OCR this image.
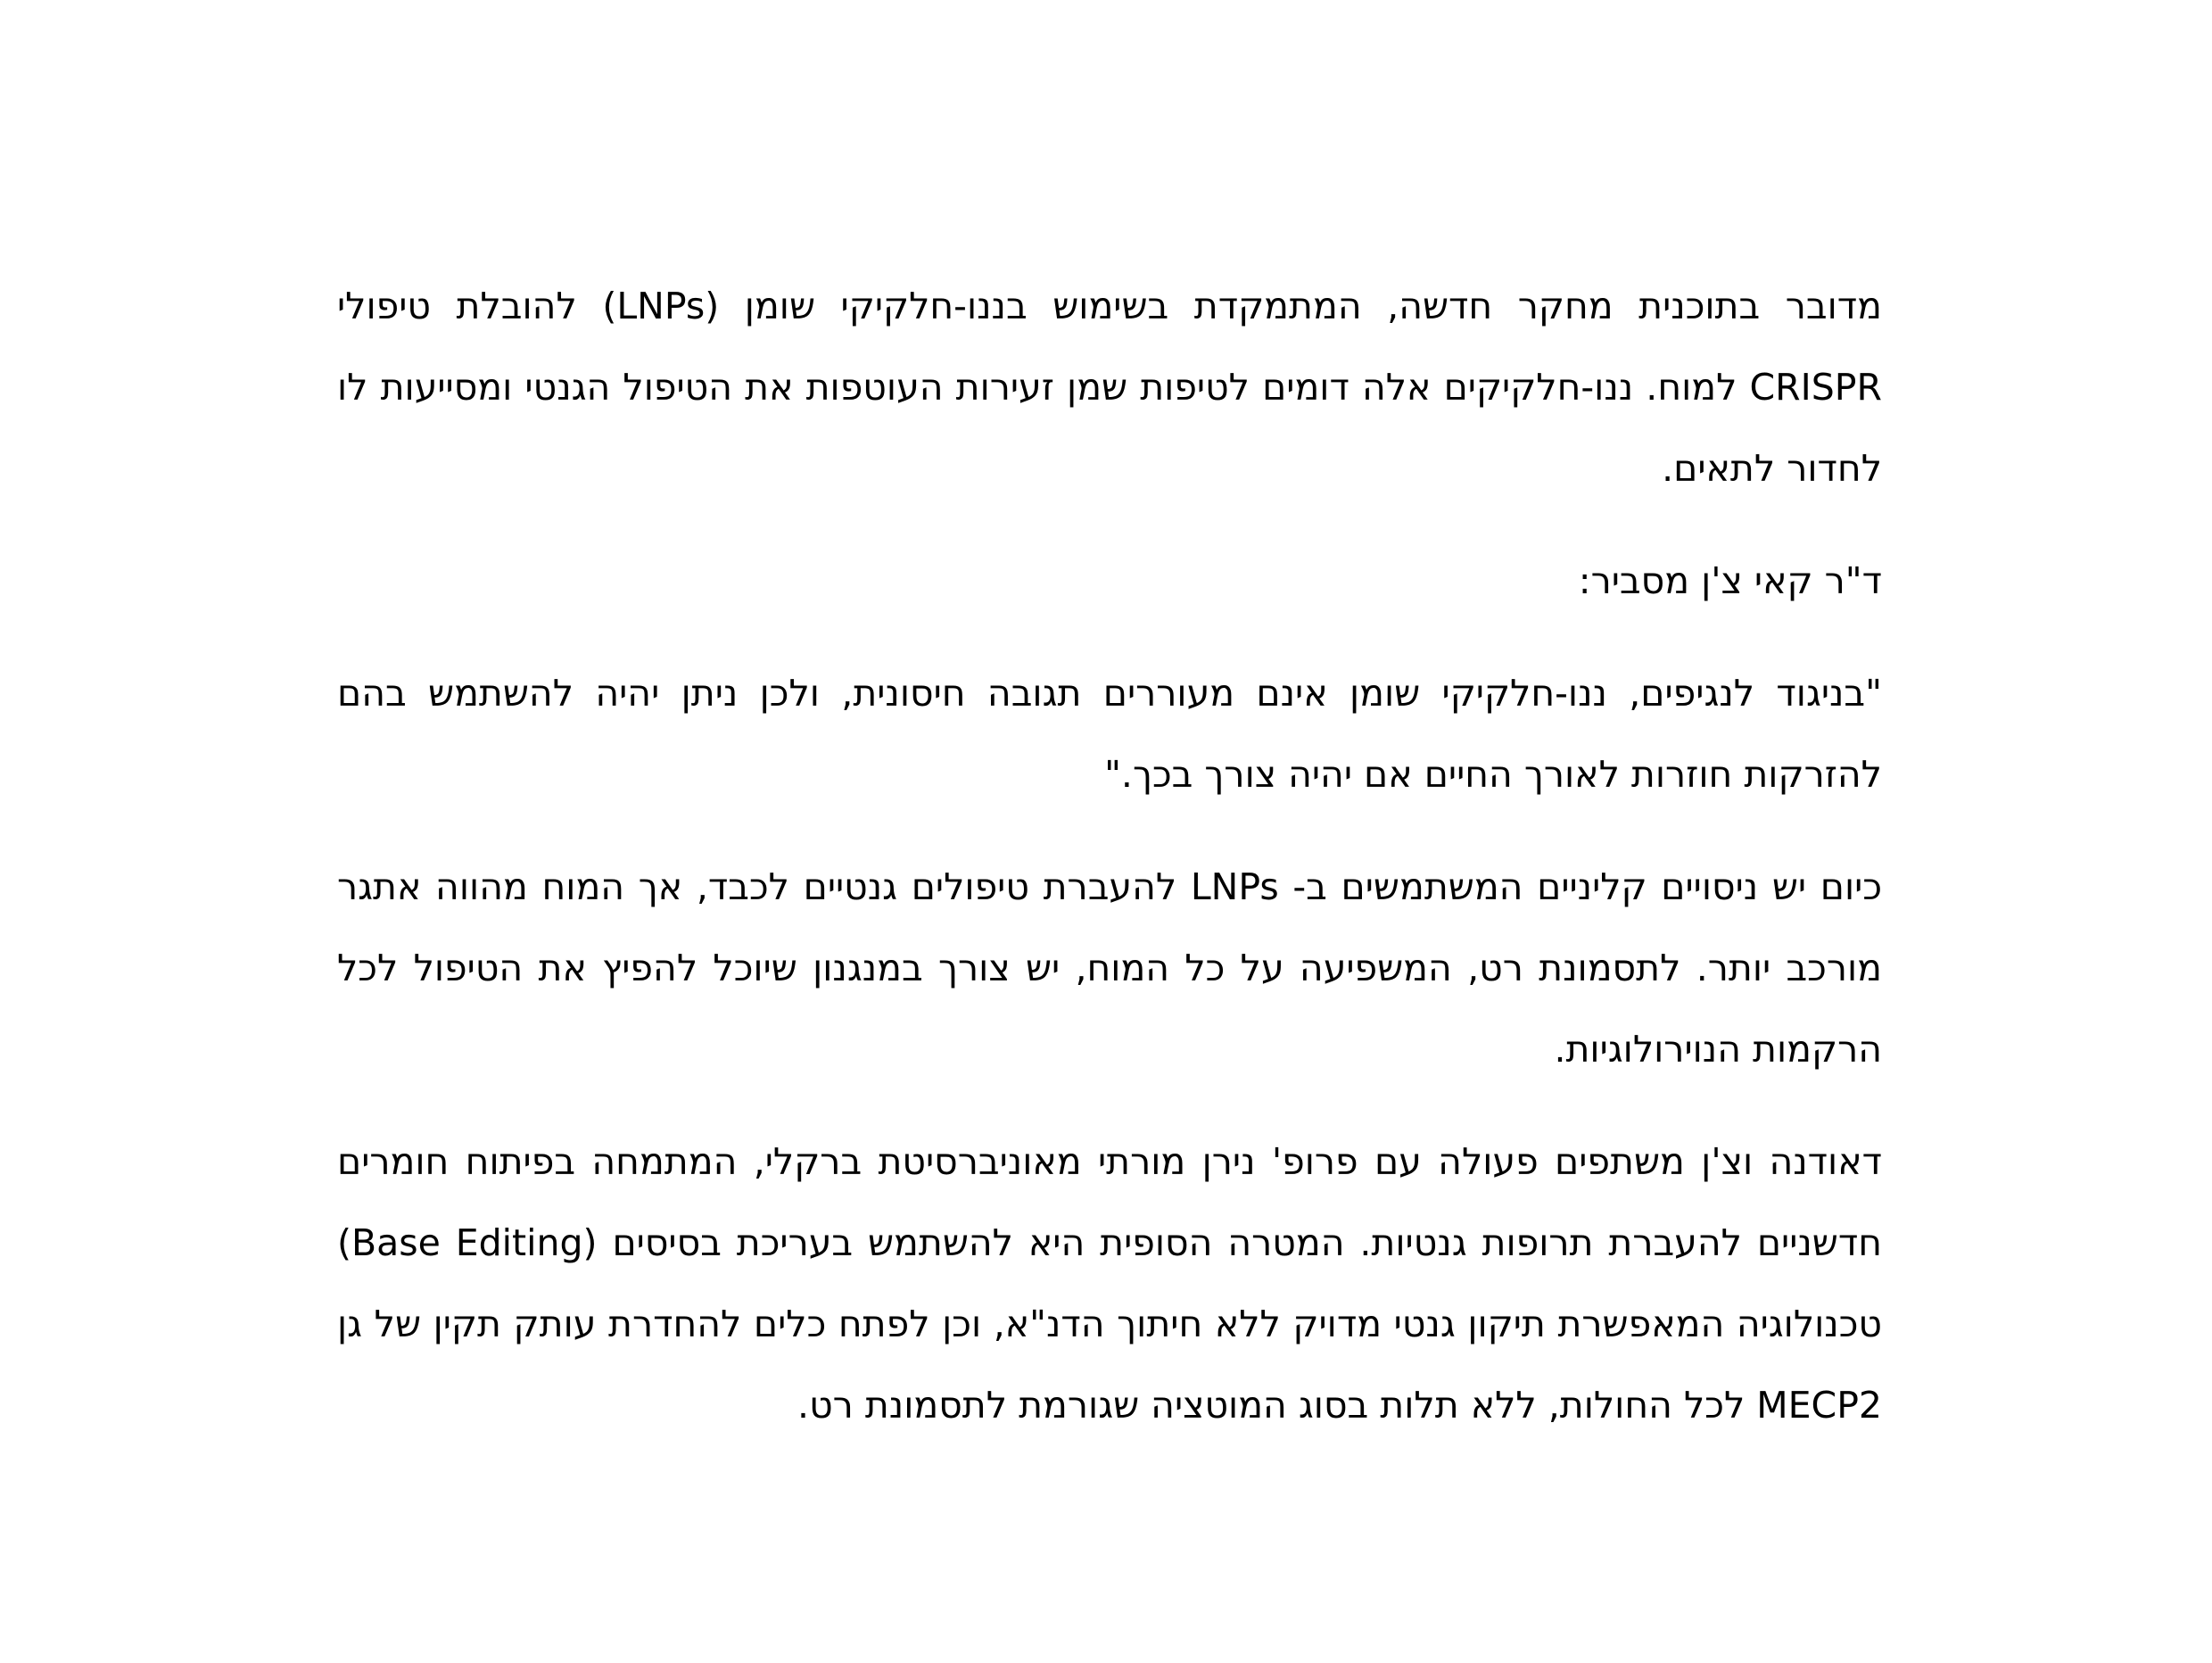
מדובר בתוכנית מחקר חדשה, המתמקדת בשימוש בננו-חלקיקי שומן (LNPs) להובלת טיפולי CRISPR למוח. ננו-חלקיקים אלה דומים לטיפות שמן זעירות העוטפות את הטיפול הגנטי ומסייעות לו לחדור לתאים.

ד"ר קאי צ'ן מסביר:

"בניגוד לנגיפים, ננו-חלקיקי שומן אינם מעוררים תגובה חיסונית, ולכן ניתן יהיה להשתמש בהם להזרקות חוזרות לאורך החיים אם יהיה צורך בכך."

כיום יש ניסויים קליניים המשתמשים ב- LNPs להעברת טיפולים גנטיים לכבד, אך המוח מהווה אתגר מורכב יותר. לתסמונת רט, המשפיעה על כל המוח, יש צורך במנגנון שיוכל להפיץ את הטיפול לכל הרקמות הנוירולוגיות.

דאודנה וצ'ן משתפים פעולה עם פרופ' נירן מורתי מאוניברסיטת ברקלי, המתמחה בפיתוח חומרים חדשניים להעברת תרופות גנטיות. המטרה הסופית היא להשתמש בעריכת בסיסים (Base Editing) טכנולוגיה המאפשרת תיקון גנטי מדויק ללא חיתוך הדנ"א, וכן לפתח כלים להחדרת עותק תקין של גן MECP2 לכל החולות, ללא תלות בסוג המוטציה שגורמת לתסמונת רט.
